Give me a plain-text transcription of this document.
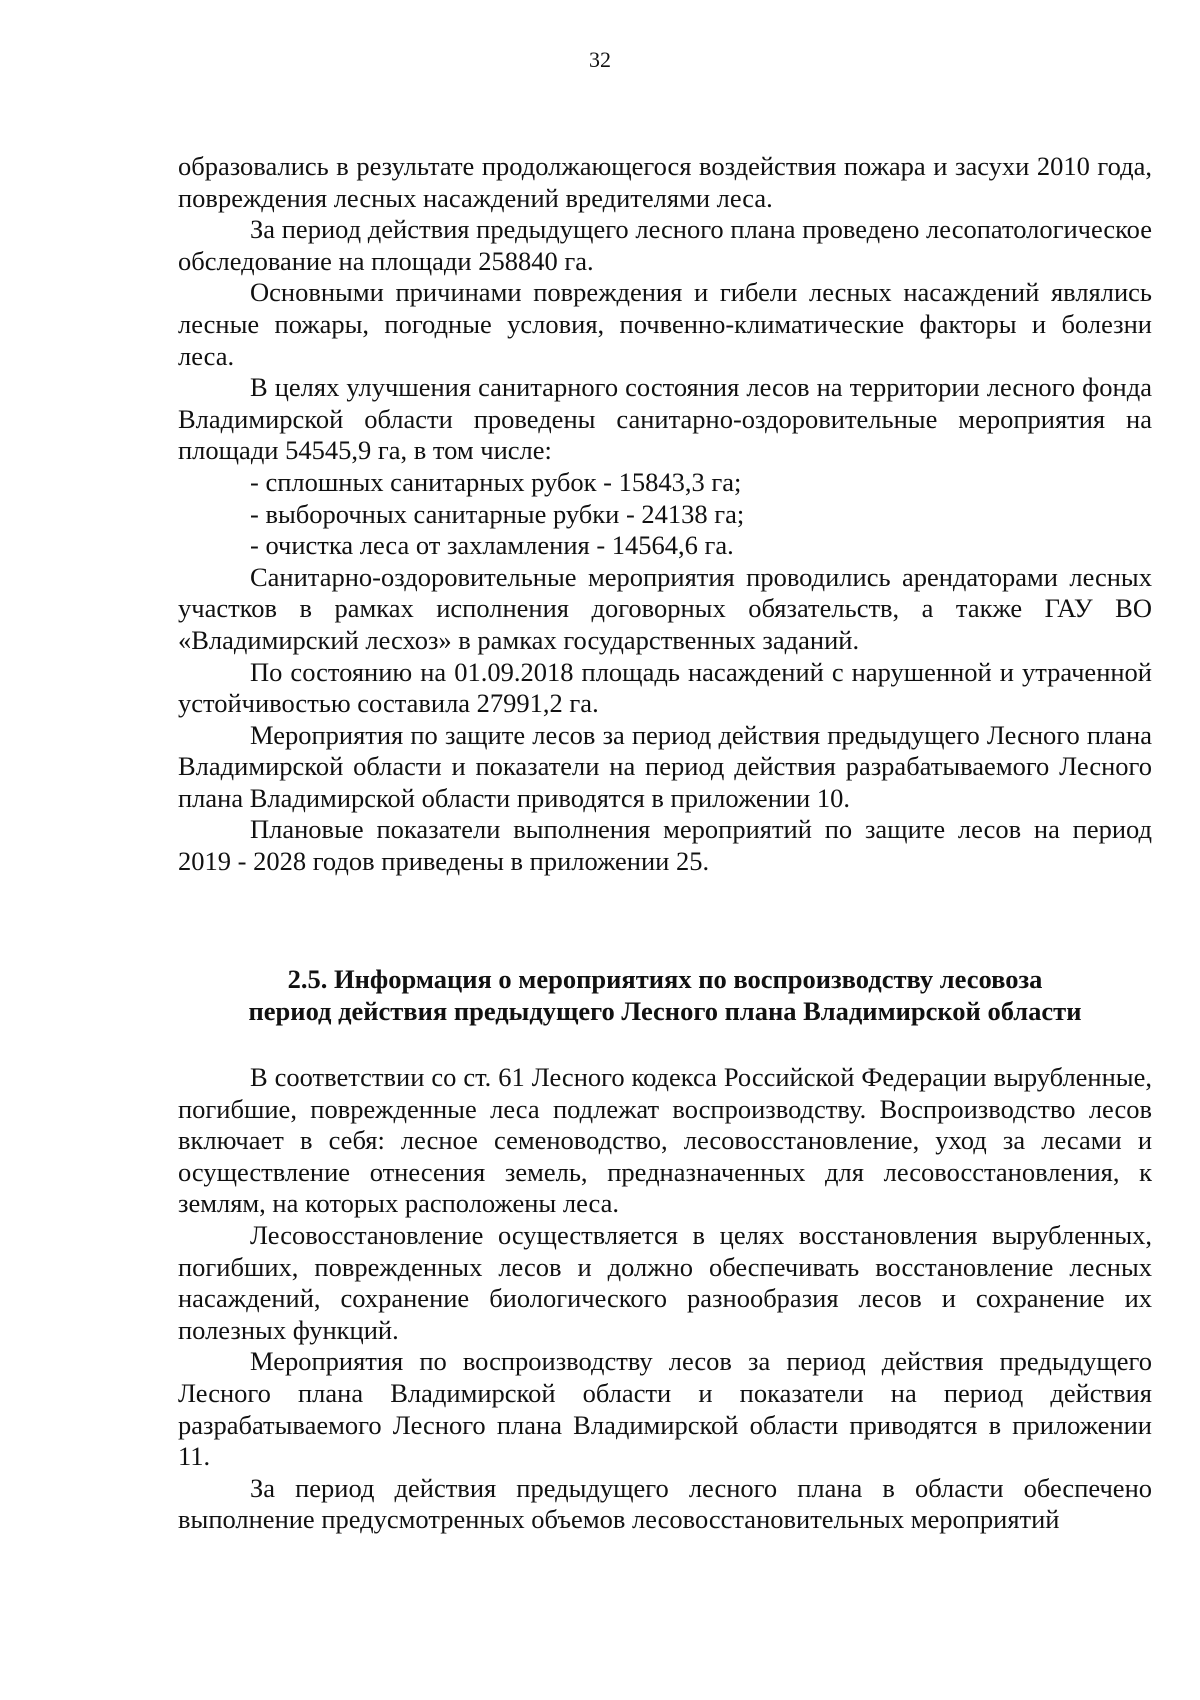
32

образовались в результате продолжающегося воздействия пожара и засухи 2010 года, повреждения лесных насаждений вредителями леса.

За период действия предыдущего лесного плана проведено лесопатологическое обследование на площади 258840 га.

Основными причинами повреждения и гибели лесных насаждений являлись лесные пожары, погодные условия, почвенно-климатические факторы и болезни леса.

В целях улучшения санитарного состояния лесов на территории лесного фонда Владимирской области проведены санитарно-оздоровительные мероприятия на площади 54545,9 га, в том числе:

- сплошных санитарных рубок - 15843,3 га;

- выборочных санитарные рубки - 24138 га;

- очистка леса от захламления - 14564,6 га.

Санитарно-оздоровительные мероприятия проводились арендаторами лесных участков в рамках исполнения договорных обязательств, а также ГАУ ВО «Владимирский лесхоз» в рамках государственных заданий.

По состоянию на 01.09.2018 площадь насаждений с нарушенной и утраченной устойчивостью составила 27991,2 га.

Мероприятия по защите лесов за период действия предыдущего Лесного плана Владимирской области и показатели на период действия разрабатываемого Лесного плана Владимирской области приводятся в приложении 10.

Плановые показатели выполнения мероприятий по защите лесов на период 2019 - 2028 годов приведены в приложении 25.

2.5. Информация о мероприятиях по воспроизводству лесовоза
период действия предыдущего Лесного плана Владимирской области

В соответствии со ст. 61 Лесного кодекса Российской Федерации вырубленные, погибшие, поврежденные леса подлежат воспроизводству. Воспроизводство лесов включает в себя: лесное семеноводство, лесовосстановление, уход за лесами и осуществление отнесения земель, предназначенных для лесовосстановления, к землям, на которых расположены леса.

Лесовосстановление осуществляется в целях восстановления вырубленных, погибших, поврежденных лесов и должно обеспечивать восстановление лесных насаждений, сохранение биологического разнообразия лесов и сохранение их полезных функций.

Мероприятия по воспроизводству лесов за период действия предыдущего Лесного плана Владимирской области и показатели на период действия разрабатываемого Лесного плана Владимирской области приводятся в приложении 11.

За период действия предыдущего лесного плана в области обеспечено выполнение предусмотренных объемов лесовосстановительных мероприятий
